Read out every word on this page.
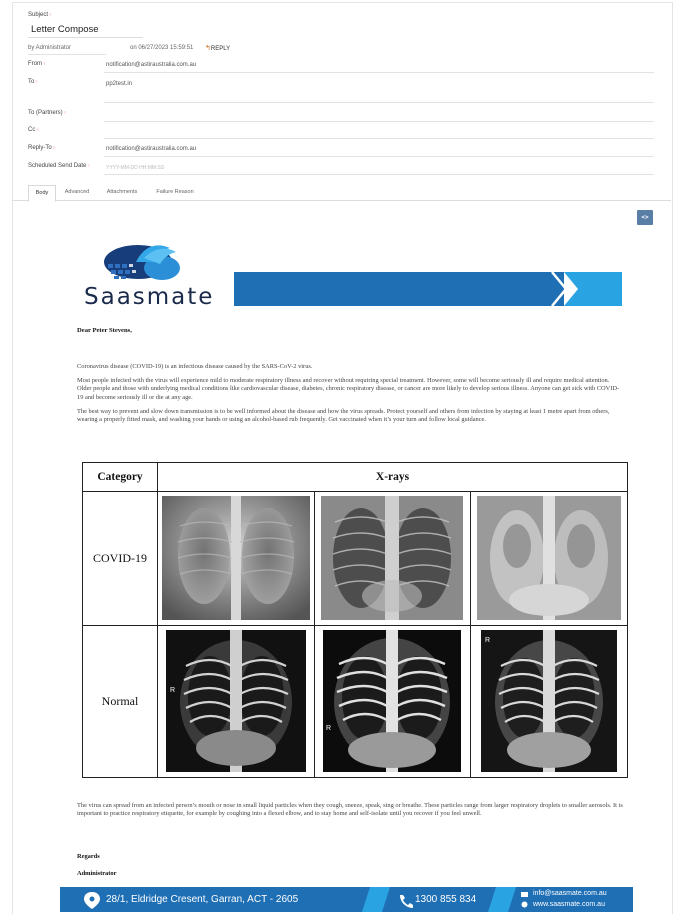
Subject?
Letter Compose
by Administrator	on 06/27/2023 15:59:51 ↰REPLY
From?	notification@astiraustralia.com.au
To?	pp2test.in
To (Partners)?
Cc?
Reply-To?	notification@astiraustralia.com.au
Scheduled Send Date?	YYYY-MM-DD HH:MM:SS
Body	Advanced	Attachments	Failure Reason
<>
Saasmate
Dear Peter Stevens,
Coronavirus disease (COVID-19) is an infectious disease caused by the SARS-CoV-2 virus.
Most people infected with the virus will experience mild to moderate respiratory illness and recover without requiring special treatment. However, some will become seriously ill and require medical attention. Older people and those with underlying medical conditions like cardiovascular disease, diabetes, chronic respiratory disease, or cancer are more likely to develop serious illness. Anyone can get sick with COVID-19 and become seriously ill or die at any age.
The best way to prevent and slow down transmission is to be well informed about the disease and how the virus spreads. Protect yourself and others from infection by staying at least 1 metre apart from others, wearing a properly fitted mask, and washing your hands or using an alcohol-based rub frequently. Get vaccinated when it’s your turn and follow local guidance.
Category	X-rays		
COVID-19	

Normal	R	R	R
The virus can spread from an infected person’s mouth or nose in small liquid particles when they cough, sneeze, speak, sing or breathe. These particles range from larger respiratory droplets to smaller aerosols. It is important to practice respiratory etiquette, for example by coughing into a flexed elbow, and to stay home and self-isolate until you recover if you feel unwell.
Regards
Administrator
28/1, Eldridge Cresent, Garran, ACT - 2605	1300 855 834
info@saasmate.com.au
www.saasmate.com.au
